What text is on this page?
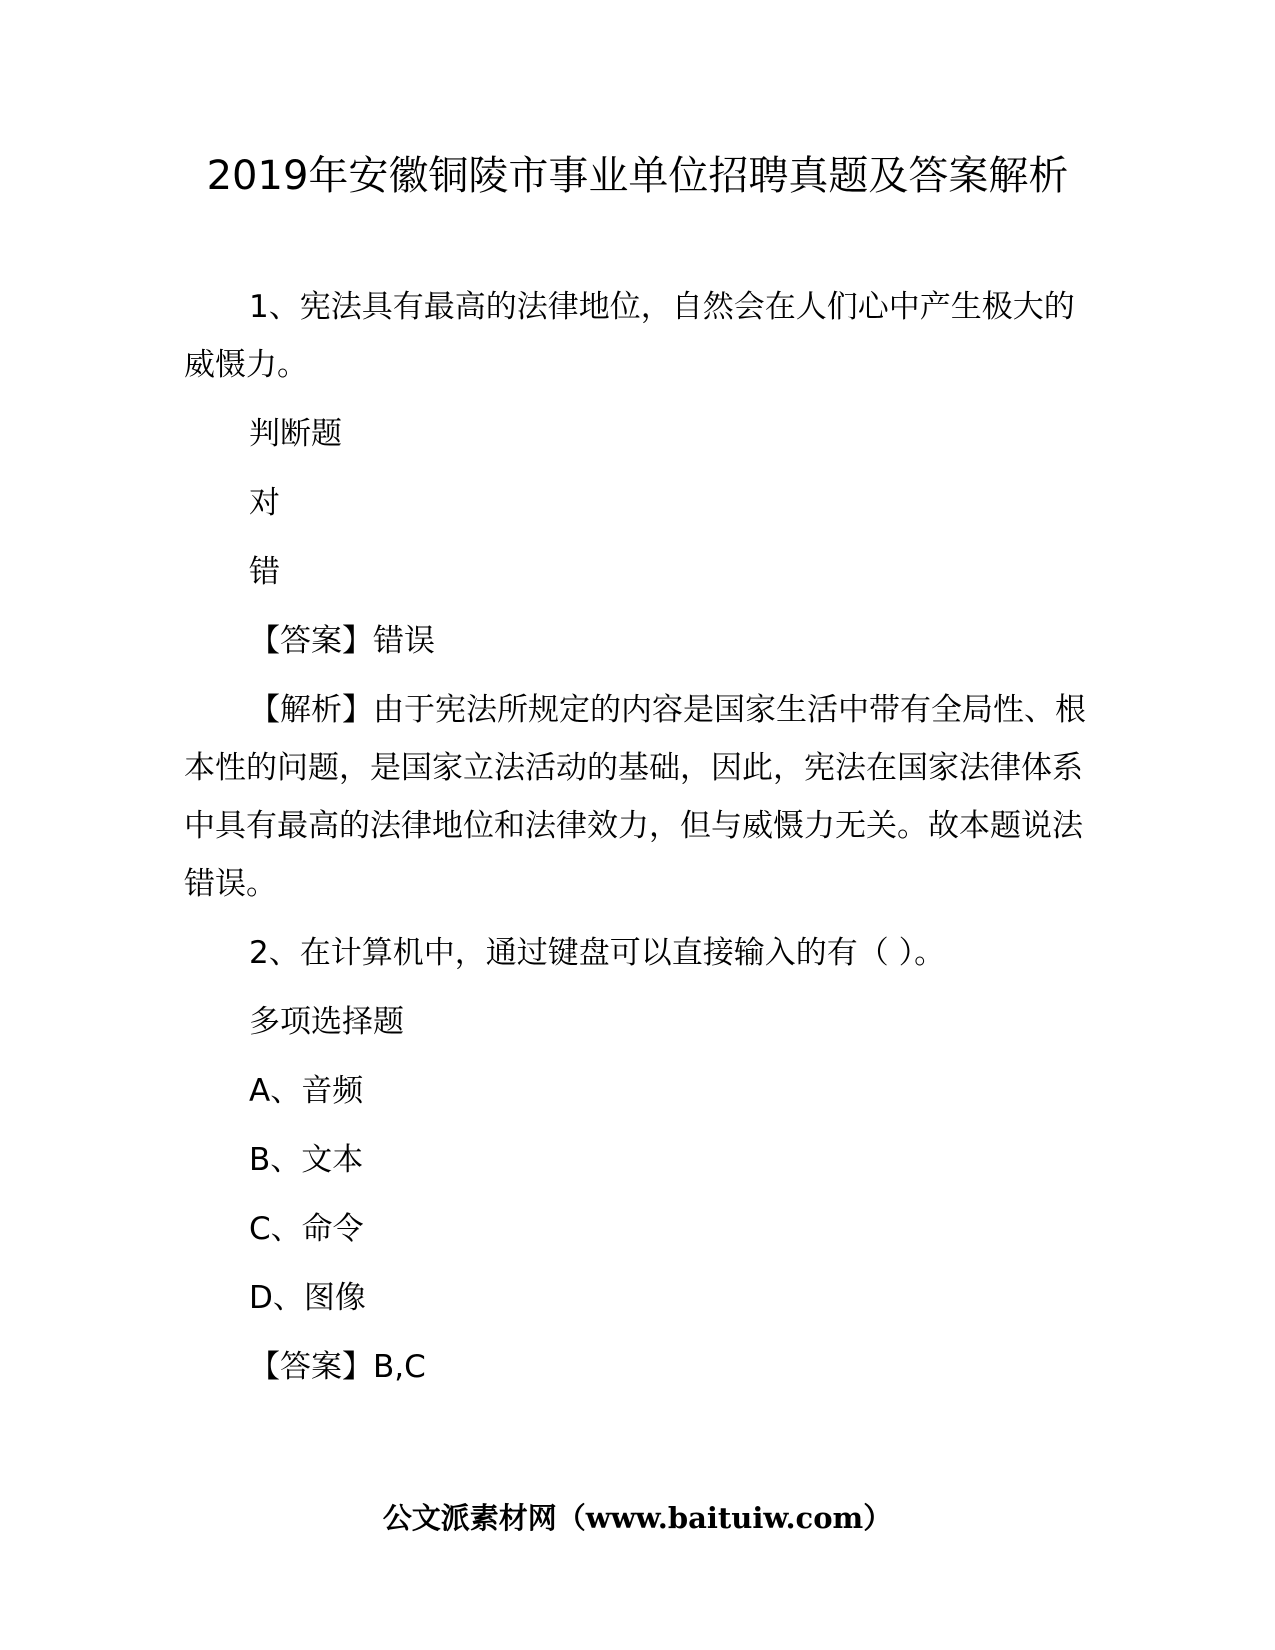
2019年安徽铜陵市事业单位招聘真题及答案解析

1、宪法具有最高的法律地位，自然会在人们心中产生极大的威慑力。

判断题

对

错

【答案】错误

【解析】由于宪法所规定的内容是国家生活中带有全局性、根本性的问题，是国家立法活动的基础，因此，宪法在国家法律体系中具有最高的法律地位和法律效力，但与威慑力无关。故本题说法错误。

2、在计算机中，通过键盘可以直接输入的有（ ）。

多项选择题

A、音频

B、文本

C、命令

D、图像

【答案】B,C

公文派素材网（www.baituiw.com）
